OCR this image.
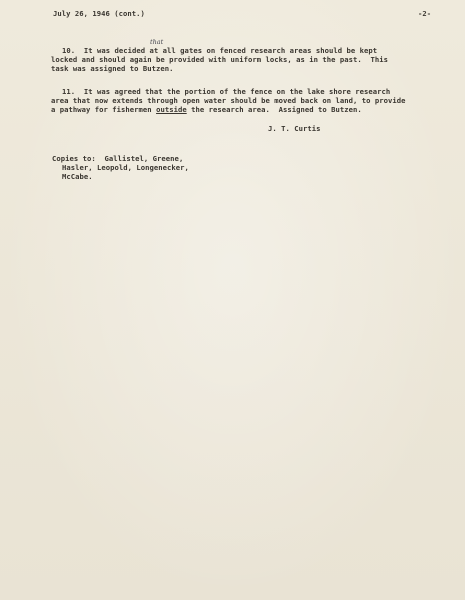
July 26, 1946 (cont.)	-2-
that
10.  It was decided at all gates on fenced research areas should be kept
locked and should again be provided with uniform locks, as in the past.  This
task was assigned to Butzen.
11.  It was agreed that the portion of the fence on the lake shore research
area that now extends through open water should be moved back on land, to provide
a pathway for fishermen outside the research area.  Assigned to Butzen.
J. T. Curtis
Copies to:  Gallistel, Greene,
Hasler, Leopold, Longenecker,
McCabe.
